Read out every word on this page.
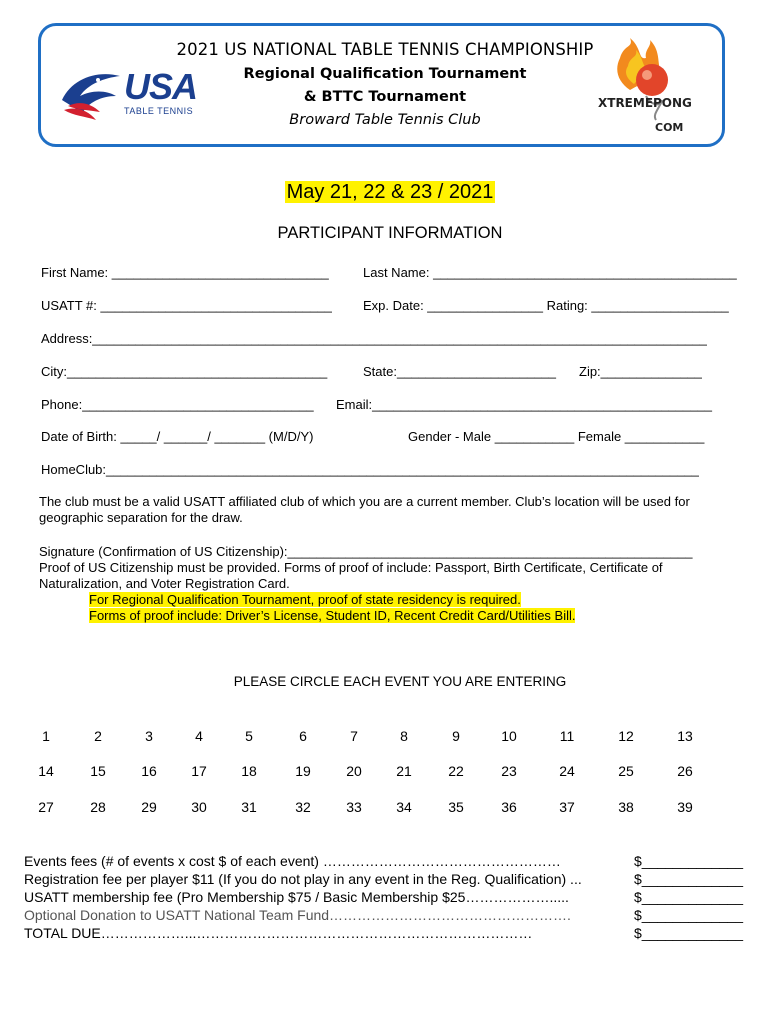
2021 US NATIONAL TABLE TENNIS CHAMPIONSHIP
Regional Qualification Tournament
& BTTC Tournament
Broward Table Tennis Club
USA
TABLE TENNIS
XTREMEPONG
COM
May 21, 22 & 23 / 2021
PARTICIPANT INFORMATION
First Name: ______________________________	Last Name: __________________________________________
USATT #: ________________________________ Exp. Date: ________________ Rating: ___________________
Address:_____________________________________________________________________________________
City:____________________________________	State:______________________ Zip:______________
Phone:________________________________ Email:_______________________________________________
Date of Birth: _____/ ______/ _______ (M/D/Y)	Gender - Male ___________ Female ___________
HomeClub:__________________________________________________________________________________
The club must be a valid USATT affiliated club of which you are a current member. Club’s location will be used for
geographic separation for the draw.
Signature (Confirmation of US Citizenship):________________________________________________________
Proof of US Citizenship must be provided. Forms of proof of include: Passport, Birth Certificate, Certificate of
Naturalization, and Voter Registration Card.
For Regional Qualification Tournament, proof of state residency is required.
Forms of proof include: Driver’s License, Student ID, Recent Credit Card/Utilities Bill.
PLEASE CIRCLE EACH EVENT YOU ARE ENTERING
1	2	3	4	5	6	7	8	9	10	11	12	13
14	15	16 17 18	19	20 21	22	23	24	25	26
27	28	29 30 31	32	33 34	35	36	37	38	39
Events fees (# of events x cost $ of each event) ……………………………………………	$_____________
Registration fee per player $11 (If you do not play in any event in the Reg. Qualification) ...	$_____________
USATT membership fee (Pro Membership $75 / Basic Membership $25……………….....	$_____________
Optional Donation to USATT National Team Fund…………………………………………….	$_____________
TOTAL DUE………………...………………………………………………………………	$_____________
